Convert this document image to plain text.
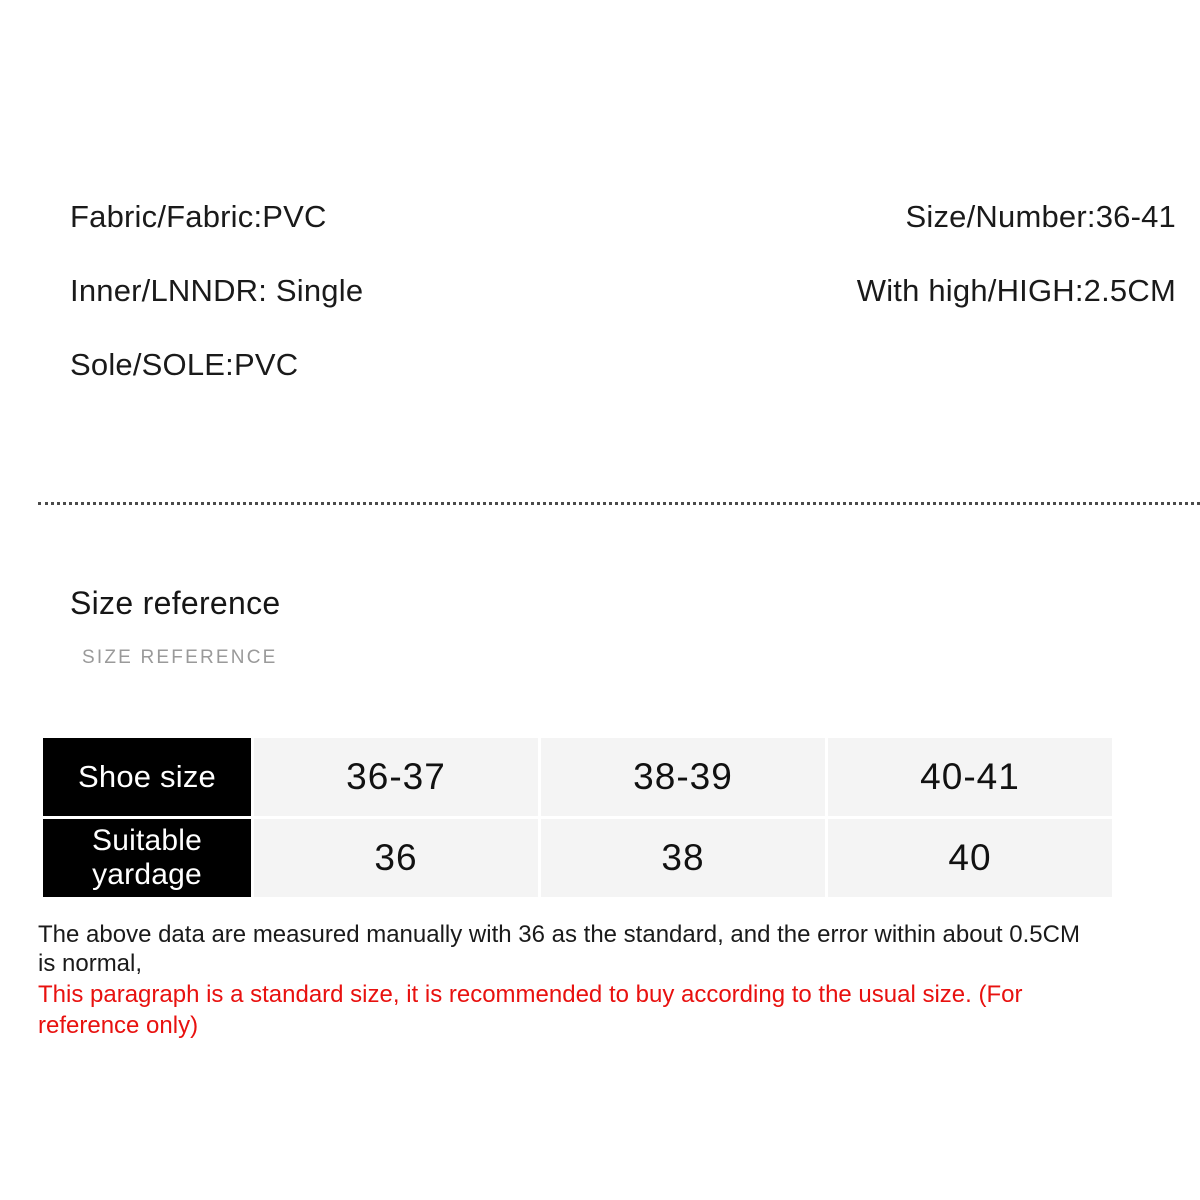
Fabric/Fabric:PVC
Inner/LNNDR: Single
Sole/SOLE:PVC
Size/Number:36-41
With high/HIGH:2.5CM
Size reference
SIZE REFERENCE
Shoe size	36-37	38-39	40-41
Suitable yardage	36	38	40
The above data are measured manually with 36 as the standard, and the error within about 0.5CM is normal,
This paragraph is a standard size, it is recommended to buy according to the usual size. (For reference only)
